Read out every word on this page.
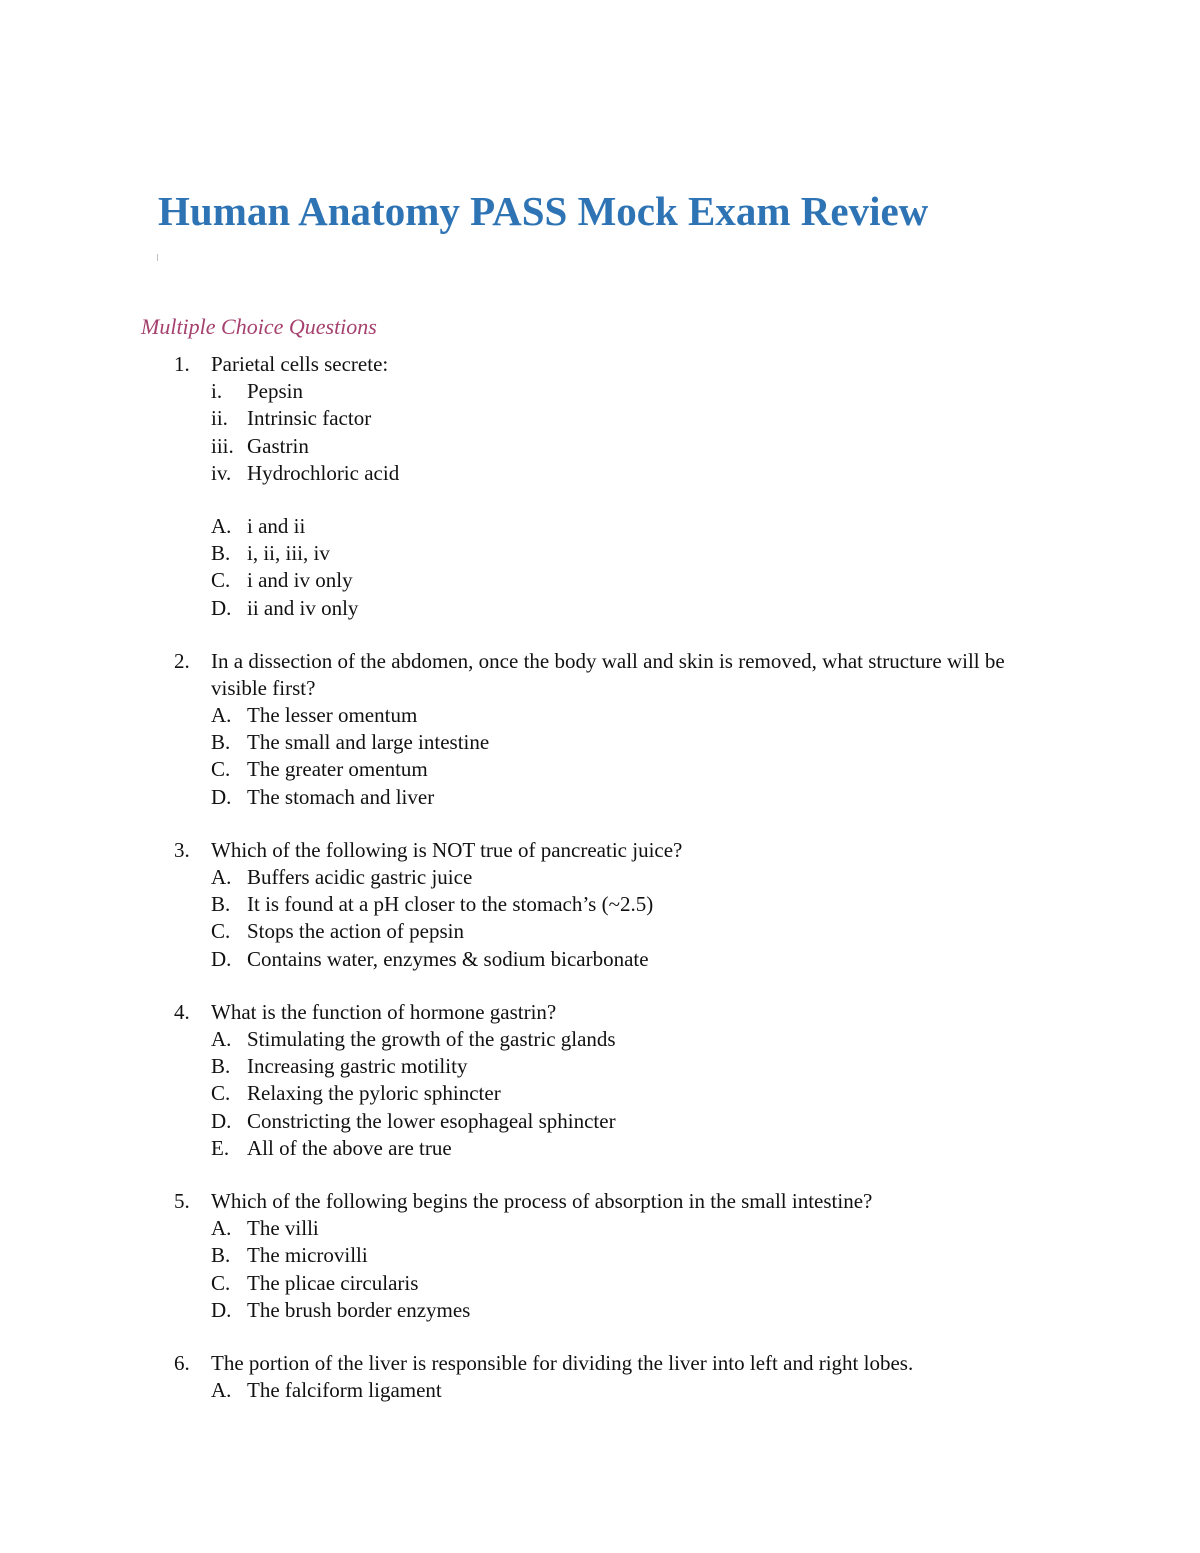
Human Anatomy PASS Mock Exam Review
Multiple Choice Questions
1. Parietal cells secrete:
i. Pepsin
ii. Intrinsic factor
iii. Gastrin
iv. Hydrochloric acid
A. i and ii
B. i, ii, iii, iv
C. i and iv only
D. ii and iv only
2. In a dissection of the abdomen, once the body wall and skin is removed, what structure will be visible first?
A. The lesser omentum
B. The small and large intestine
C. The greater omentum
D. The stomach and liver
3. Which of the following is NOT true of pancreatic juice?
A. Buffers acidic gastric juice
B. It is found at a pH closer to the stomach’s (~2.5)
C. Stops the action of pepsin
D. Contains water, enzymes & sodium bicarbonate
4. What is the function of hormone gastrin?
A. Stimulating the growth of the gastric glands
B. Increasing gastric motility
C. Relaxing the pyloric sphincter
D. Constricting the lower esophageal sphincter
E. All of the above are true
5. Which of the following begins the process of absorption in the small intestine?
A. The villi
B. The microvilli
C. The plicae circularis
D. The brush border enzymes
6. The portion of the liver is responsible for dividing the liver into left and right lobes.
A. The falciform ligament
